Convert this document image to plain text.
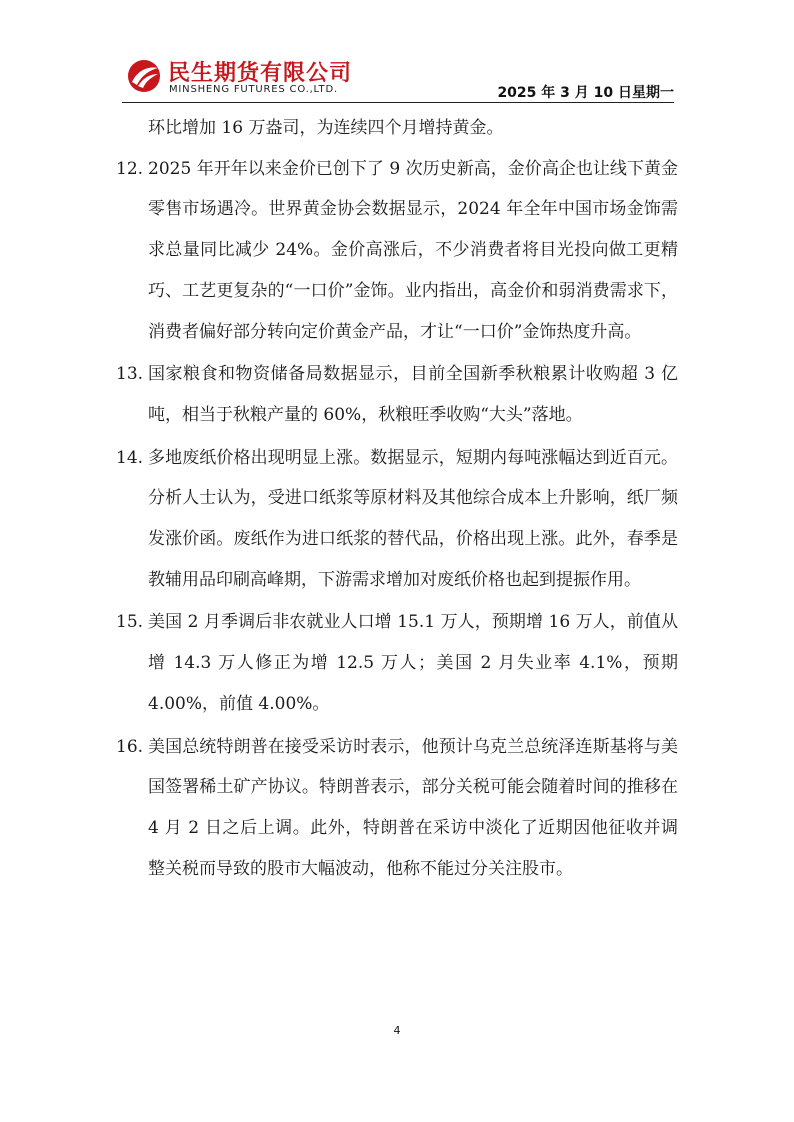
民生期货有限公司
MINSHENG FUTURES CO.,LTD.	2025 年 3 月 10 日星期一

环比增加 16 万盎司，为连续四个月增持黄金。

12. 2025 年开年以来金价已创下了 9 次历史新高，金价高企也让线下黄金零售市场遇冷。世界黄金协会数据显示，2024 年全年中国市场金饰需求总量同比减少 24%。金价高涨后，不少消费者将目光投向做工更精巧、工艺更复杂的“一口价”金饰。业内指出，高金价和弱消费需求下，消费者偏好部分转向定价黄金产品，才让“一口价”金饰热度升高。

13. 国家粮食和物资储备局数据显示，目前全国新季秋粮累计收购超 3 亿吨，相当于秋粮产量的 60%，秋粮旺季收购“大头”落地。

14. 多地废纸价格出现明显上涨。数据显示，短期内每吨涨幅达到近百元。分析人士认为，受进口纸浆等原材料及其他综合成本上升影响，纸厂频发涨价函。废纸作为进口纸浆的替代品，价格出现上涨。此外，春季是教辅用品印刷高峰期，下游需求增加对废纸价格也起到提振作用。

15. 美国 2 月季调后非农就业人口增 15.1 万人，预期增 16 万人，前值从增 14.3 万人修正为增 12.5 万人；美国 2 月失业率 4.1%，预期 4.00%，前值 4.00%。

16. 美国总统特朗普在接受采访时表示，他预计乌克兰总统泽连斯基将与美国签署稀土矿产协议。特朗普表示，部分关税可能会随着时间的推移在 4 月 2 日之后上调。此外，特朗普在采访中淡化了近期因他征收并调整关税而导致的股市大幅波动，他称不能过分关注股市。

4
